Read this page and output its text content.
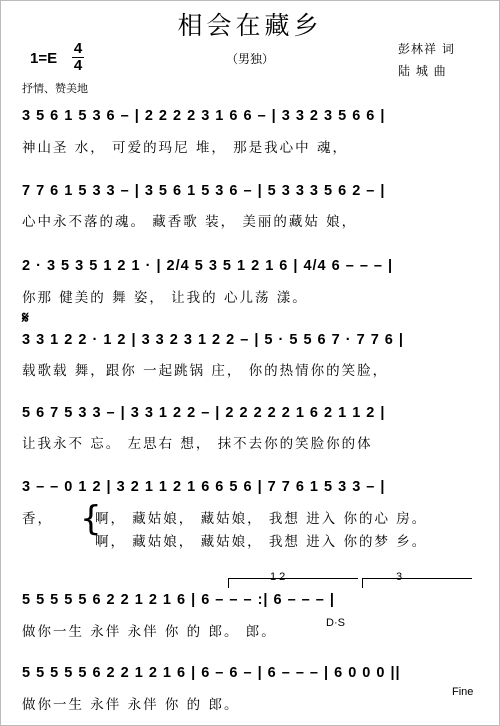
相会在藏乡
（男独）
$1=E \frac{4}{4}$
抒情、赞美地
彭林祥 词
陆 城 曲
3 5 6 1 5 3 6 – | 2 2 2 2 3 1 6 6 – | 3 3 2 3 5 6 6 |
神山圣 水， 可爱的玛尼 堆， 那是我心中 魂，
7 7 6 1 5 3 3 – | 3 5 6 1 5 3 6 – | 5 3 3 3 5 6 2 – |
心中永不落的魂。 藏香歌 装， 美丽的藏姑 娘，
2 · 3 5 3 5 1 2 1 · | 2/4 5 3 5 1 2 1 6 | 4/4 6 – – – |
你那 健美的 舞 姿， 让我的 心儿荡 漾。
𝄋
3 3 1 2 2 · 1 2 | 3 3 2 3 1 2 2 – | 5 · 5 5 6 7 · 7 7 6 |
载歌载 舞，跟你 一起跳锅 庄， 你的热情你的笑脸，
5 6 7 5 3 3 – | 3 3 1 2 2 – | 2 2 2 2 2 1 6 2 1 1 2 |
让我永不 忘。 左思右 想， 抹不去你的笑脸你的体
3 – – 0 1 2 | 3 2 1 1 2 1 6 6 5 6 | 7 7 6 1 5 3 3 – |
香， {
啊， 藏姑娘， 藏姑娘， 我想 进入 你的心 房。
啊， 藏姑娘， 藏姑娘， 我想 进入 你的梦 乡。
1 2	3
5 5 5 5 5 6 2 2 1 2 1 6 | 6 – – – :| 6 – – – |
做你一生 永伴 永伴 你 的 郎。 郎。
D·S
5 5 5 5 5 6 2 2 1 2 1 6 | 6 – 6 – | 6 – – – | 6 0 0 0 ||
做你一生 永伴 永伴 你 的 郎。
Fine
